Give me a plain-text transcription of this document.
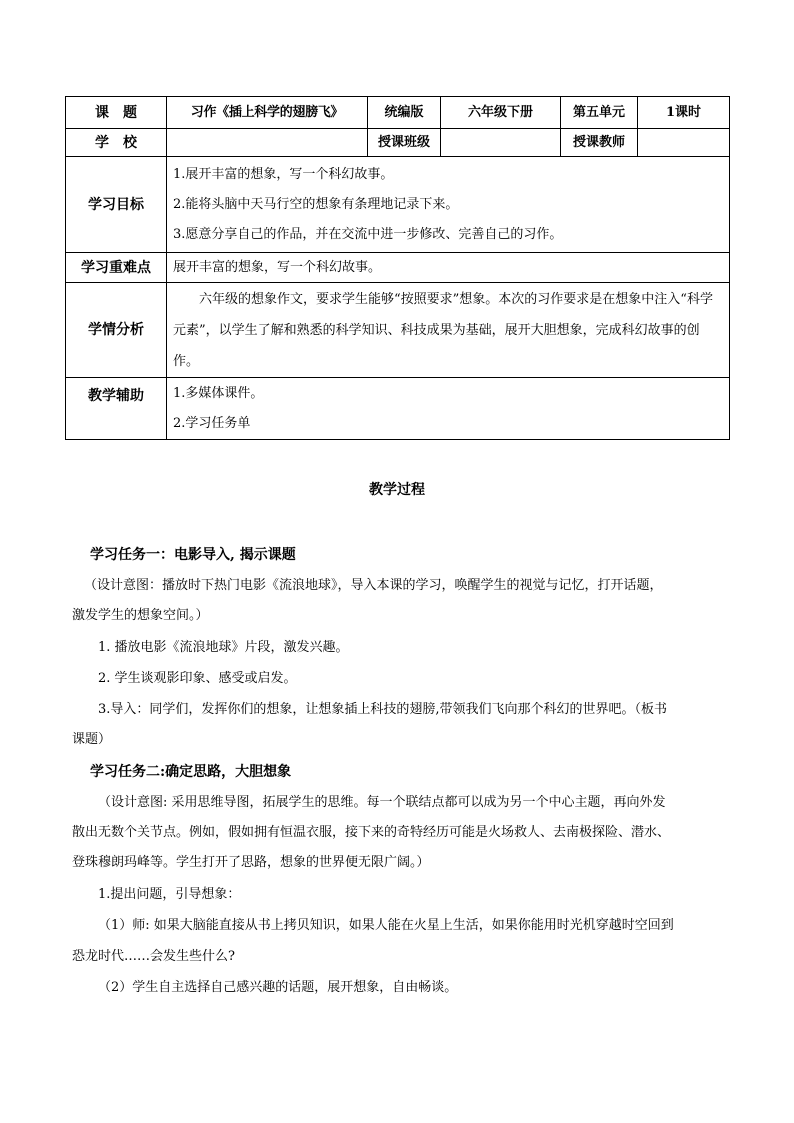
课　题	习作《插上科学的翅膀飞》	统编版	六年级下册	第五单元	1课时
学　校		授课班级		授课教师	
学习目标	1.展开丰富的想象，写一个科幻故事。
2.能将头脑中天马行空的想象有条理地记录下来。
3.愿意分享自己的作品，并在交流中进一步修改、完善自己的习作。				

学习重难点	展开丰富的想象，写一个科幻故事。				
学情分析	六年级的想象作文，要求学生能够“按照要求”想象。本次的习作要求是在想象中注入“科学元素”，以学生了解和熟悉的科学知识、科技成果为基础，展开大胆想象，完成科幻故事的创作。				

教学辅助	1.多媒体课件。
2.学习任务单				
教学过程

学习任务一：电影导入, 揭示课题

（设计意图：播放时下热门电影《流浪地球》，导入本课的学习，唤醒学生的视觉与记忆，打开话题，

激发学生的想象空间。）

1. 播放电影《流浪地球》片段，激发兴趣。

2. 学生谈观影印象、感受或启发。

3.导入：同学们，发挥你们的想象，让想象插上科技的翅膀,带领我们飞向那个科幻的世界吧。（板书

课题）

学习任务二:确定思路，大胆想象

（设计意图: 采用思维导图，拓展学生的思维。每一个联结点都可以成为另一个中心主题，再向外发

散出无数个关节点。例如，假如拥有恒温衣服，接下来的奇特经历可能是火场救人、去南极探险、潜水、

登珠穆朗玛峰等。学生打开了思路，想象的世界便无限广阔。）

1.提出问题，引导想象：

（1）师: 如果大脑能直接从书上拷贝知识，如果人能在火星上生活，如果你能用时光机穿越时空回到

恐龙时代……会发生些什么?

（2）学生自主选择自己感兴趣的话题，展开想象，自由畅谈。
